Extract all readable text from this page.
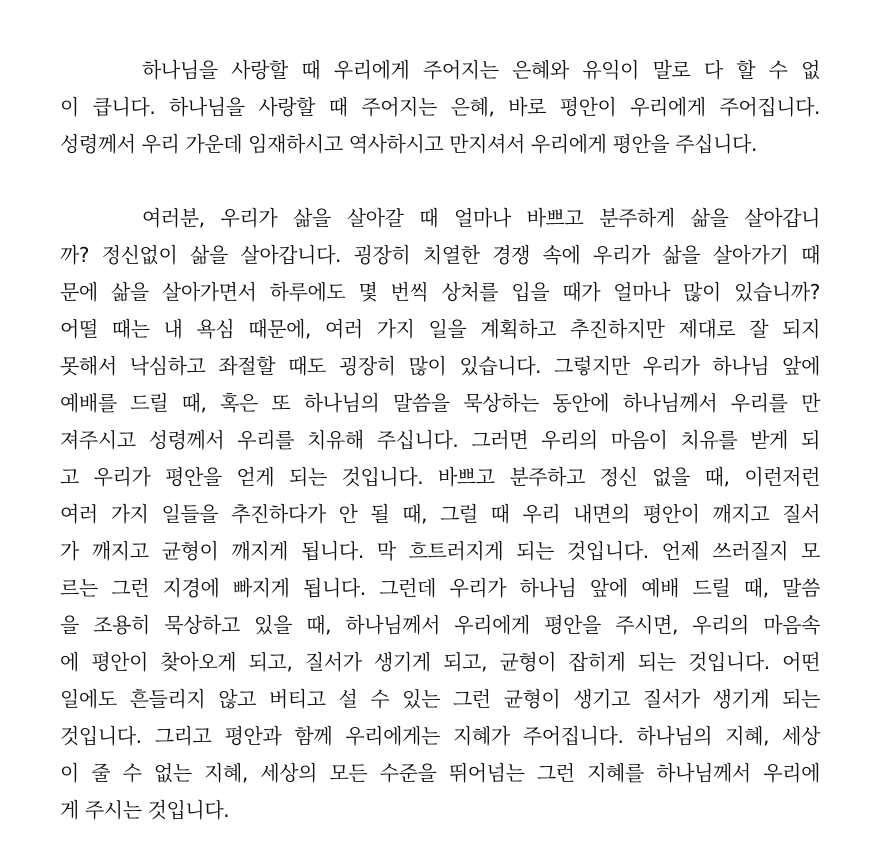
하나님을 사랑할 때 우리에게 주어지는 은혜와 유익이 말로 다 할 수 없
이 큽니다. 하나님을 사랑할 때 주어지는 은혜, 바로 평안이 우리에게 주어집니다.
성령께서 우리 가운데 임재하시고 역사하시고 만지셔서 우리에게 평안을 주십니다.
여러분, 우리가 삶을 살아갈 때 얼마나 바쁘고 분주하게 삶을 살아갑니
까? 정신없이 삶을 살아갑니다. 굉장히 치열한 경쟁 속에 우리가 삶을 살아가기 때
문에 삶을 살아가면서 하루에도 몇 번씩 상처를 입을 때가 얼마나 많이 있습니까?
어떨 때는 내 욕심 때문에, 여러 가지 일을 계획하고 추진하지만 제대로 잘 되지
못해서 낙심하고 좌절할 때도 굉장히 많이 있습니다. 그렇지만 우리가 하나님 앞에
예배를 드릴 때, 혹은 또 하나님의 말씀을 묵상하는 동안에 하나님께서 우리를 만
져주시고 성령께서 우리를 치유해 주십니다. 그러면 우리의 마음이 치유를 받게 되
고 우리가 평안을 얻게 되는 것입니다. 바쁘고 분주하고 정신 없을 때, 이런저런
여러 가지 일들을 추진하다가 안 될 때, 그럴 때 우리 내면의 평안이 깨지고 질서
가 깨지고 균형이 깨지게 됩니다. 막 흐트러지게 되는 것입니다. 언제 쓰러질지 모
르는 그런 지경에 빠지게 됩니다. 그런데 우리가 하나님 앞에 예배 드릴 때, 말씀
을 조용히 묵상하고 있을 때, 하나님께서 우리에게 평안을 주시면, 우리의 마음속
에 평안이 찾아오게 되고, 질서가 생기게 되고, 균형이 잡히게 되는 것입니다. 어떤
일에도 흔들리지 않고 버티고 설 수 있는 그런 균형이 생기고 질서가 생기게 되는
것입니다. 그리고 평안과 함께 우리에게는 지혜가 주어집니다. 하나님의 지혜, 세상
이 줄 수 없는 지혜, 세상의 모든 수준을 뛰어넘는 그런 지혜를 하나님께서 우리에
게 주시는 것입니다.
